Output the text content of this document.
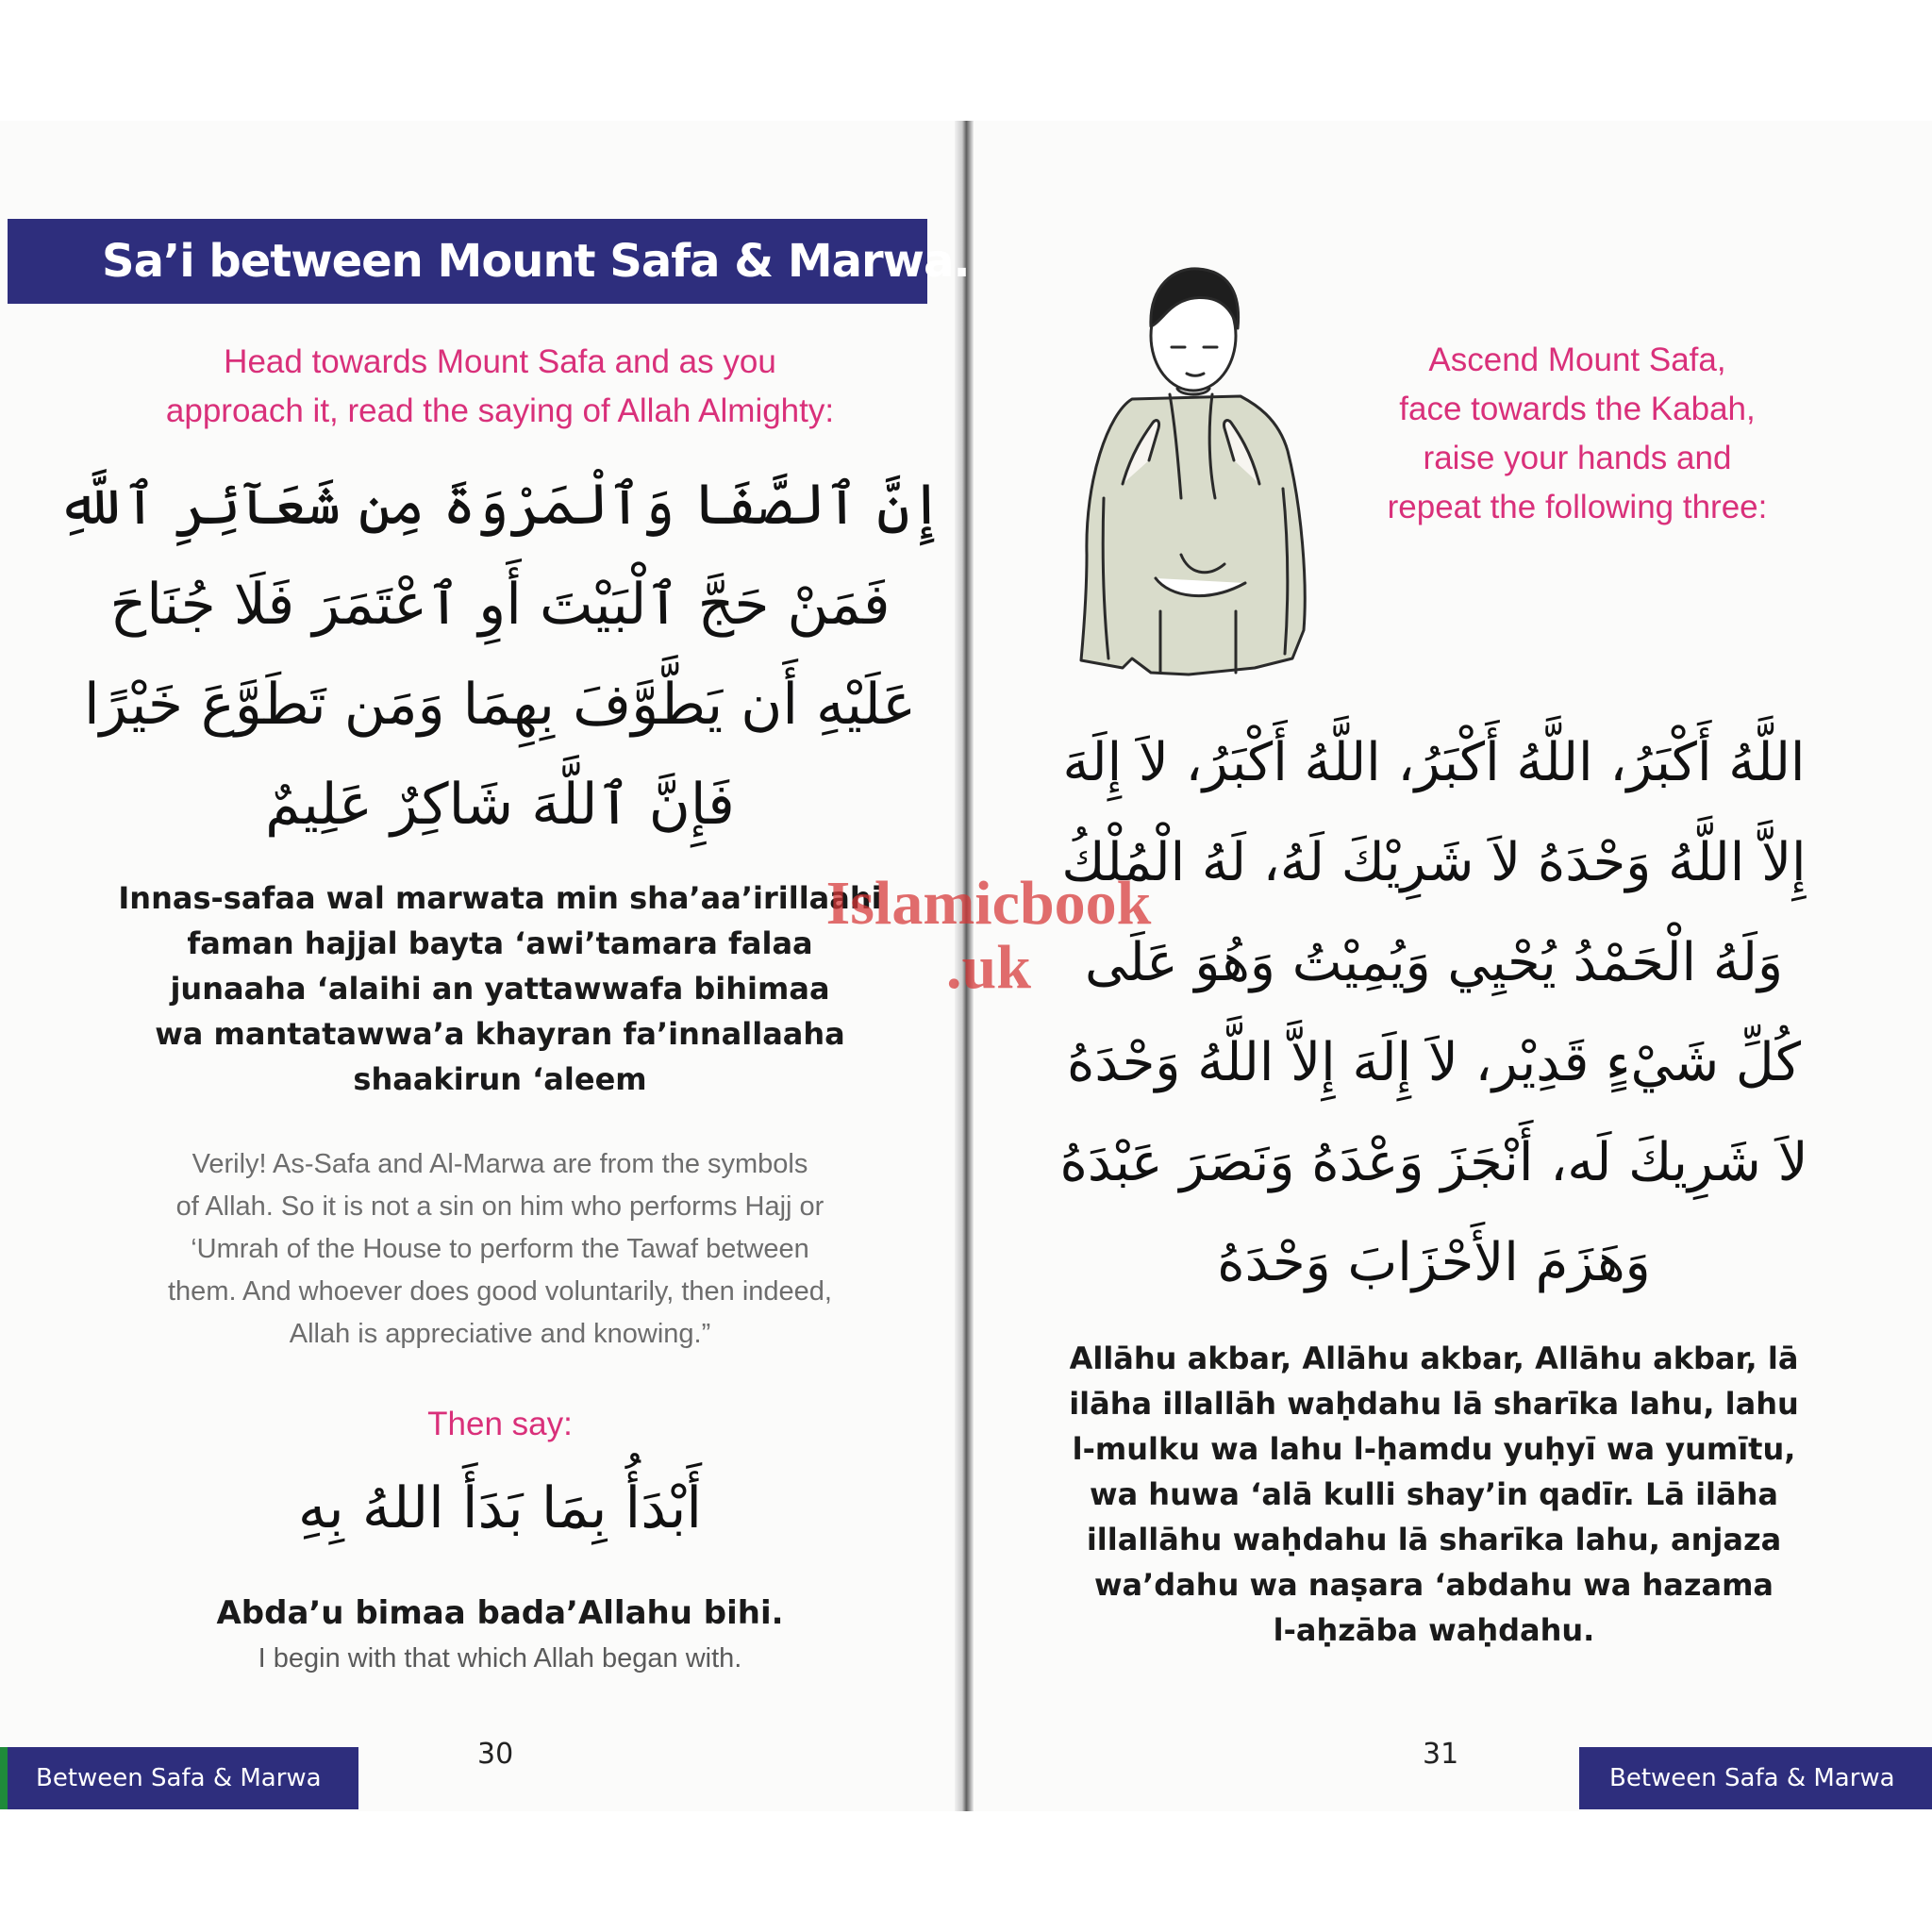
Sa’i between Mount Safa & Marwa.
Head towards Mount Safa and as you
approach it, read the saying of Allah Almighty:
إِنَّ ٱلصَّفَا وَٱلْمَرْوَةَ مِن شَعَآئِرِ ٱللَّهِ
فَمَنْ حَجَّ ٱلْبَيْتَ أَوِ ٱعْتَمَرَ فَلَا جُنَاحَ
عَلَيْهِ أَن يَطَّوَّفَ بِهِمَا وَمَن تَطَوَّعَ خَيْرًا
فَإِنَّ ٱللَّهَ شَاكِرٌ عَلِيمٌ
Innas-safaa wal marwata min sha’aa’irillaahi
faman hajjal bayta ‘awi’tamara falaa
junaaha ‘alaihi an yattawwafa bihimaa
wa mantatawwa’a khayran fa’innallaaha
shaakirun ‘aleem
Verily! As-Safa and Al-Marwa are from the symbols
of Allah. So it is not a sin on him who performs Hajj or
‘Umrah of the House to perform the Tawaf between
them. And whoever does good voluntarily, then indeed,
Allah is appreciative and knowing.”
Then say:
أَبْدَأُ بِمَا بَدَأَ اللهُ بِهِ
Abda’u bimaa bada’Allahu bihi.
I begin with that which Allah began with.
Between Safa & Marwa
30
Ascend Mount Safa,
face towards the Kabah,
raise your hands and
repeat the following three:
اللَّهُ أَكْبَرُ، اللَّهُ أَكْبَرُ، اللَّهُ أَكْبَرُ، لاَ إِلَهَ
إِلاَّ اللَّهُ وَحْدَهُ لاَ شَرِيْكَ لَهُ، لَهُ الْمُلْكُ
وَلَهُ الْحَمْدُ يُحْيِي وَيُمِيْتُ وَهُوَ عَلَى
كُلِّ شَيْءٍ قَدِيْر، لاَ إِلَهَ إِلاَّ اللَّهُ وَحْدَهُ
لاَ شَرِيكَ لَه، أَنْجَزَ وَعْدَهُ وَنَصَرَ عَبْدَهُ
وَهَزَمَ الأَحْزَابَ وَحْدَهُ
Allāhu akbar, Allāhu akbar, Allāhu akbar, lā
ilāha illallāh waḥdahu lā sharīka lahu, lahu
l-mulku wa lahu l-ḥamdu yuḥyī wa yumītu,
wa huwa ‘alā kulli shay’in qadīr. Lā ilāha
illallāhu waḥdahu lā sharīka lahu, anjaza
wa’dahu wa naṣara ‘abdahu wa hazama
l-aḥzāba waḥdahu.
31
Between Safa & Marwa
Islamicbook
.uk
